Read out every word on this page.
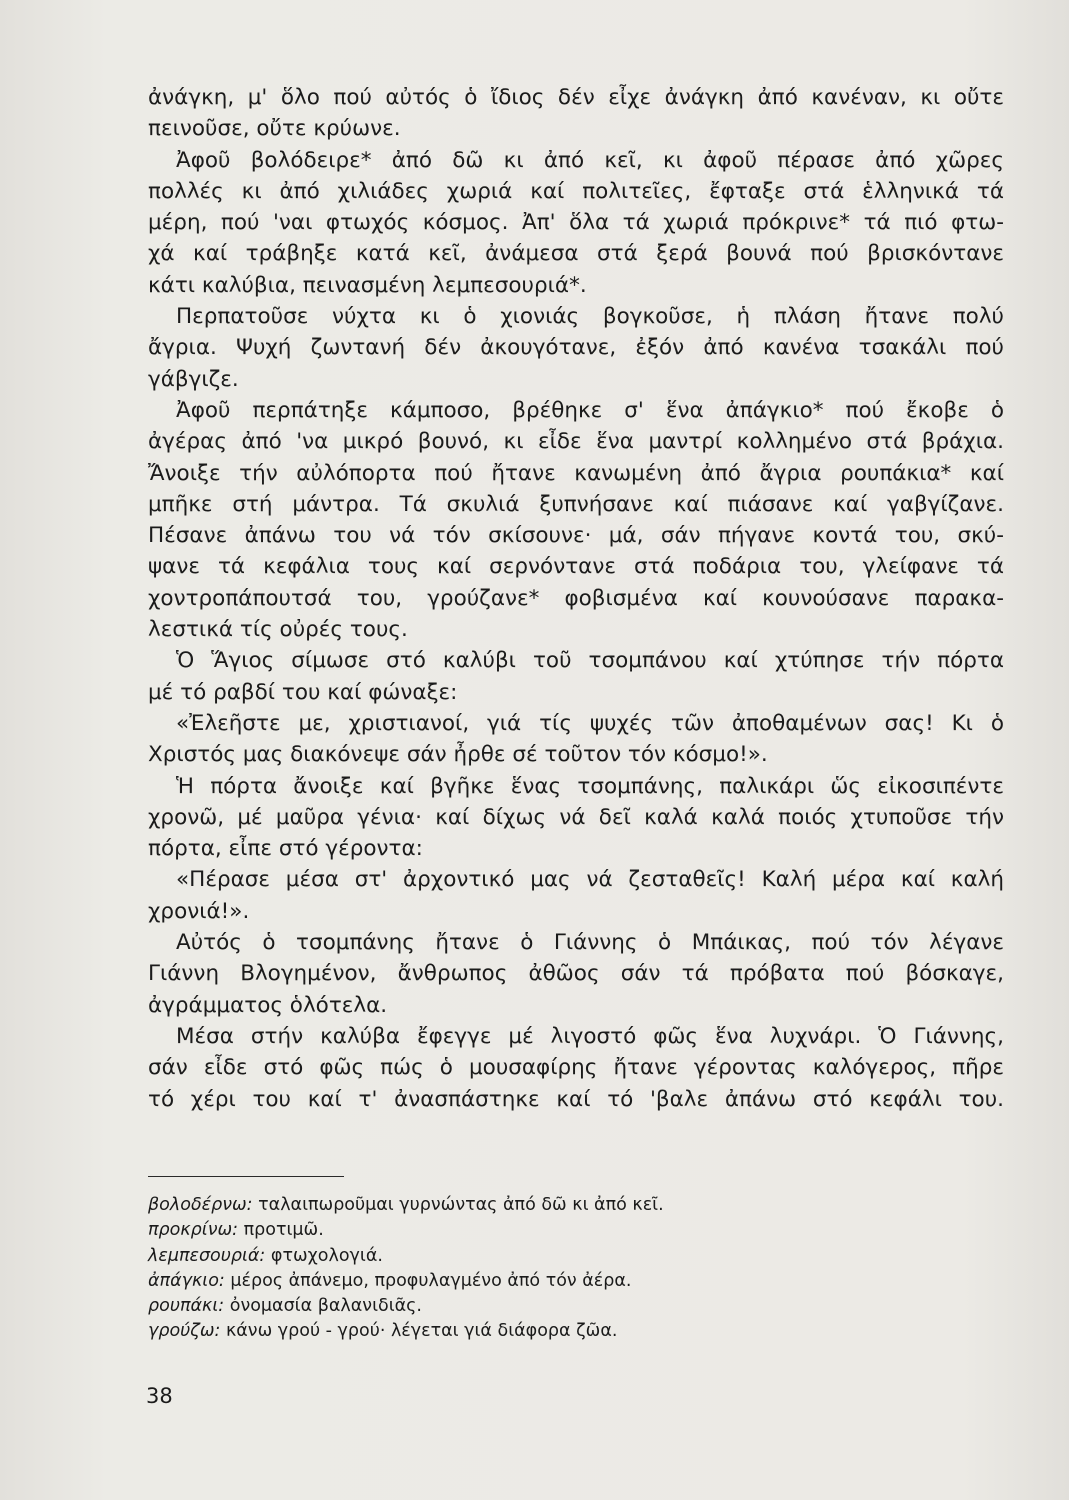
ἀνάγκη, μ' ὅλο πού αὐτός ὁ ἴδιος δέν εἶχε ἀνάγκη ἀπό κανέναν, κι οὔτε
πεινοῦσε, οὔτε κρύωνε.
Ἀφοῦ βολόδειρε* ἀπό δῶ κι ἀπό κεῖ, κι ἀφοῦ πέρασε ἀπό χῶρες
πολλές κι ἀπό χιλιάδες χωριά καί πολιτεῖες, ἔφταξε στά ἑλληνικά τά
μέρη, πού 'ναι φτωχός κόσμος. Ἀπ' ὅλα τά χωριά πρόκρινε* τά πιό φτω-
χά καί τράβηξε κατά κεῖ, ἀνάμεσα στά ξερά βουνά πού βρισκόντανε
κάτι καλύβια, πεινασμένη λεμπεσουριά*.
Περπατοῦσε νύχτα κι ὁ χιονιάς βογκοῦσε, ἡ πλάση ἤτανε πολύ
ἄγρια. Ψυχή ζωντανή δέν ἀκουγότανε, ἐξόν ἀπό κανένα τσακάλι πού
γάβγιζε.
Ἀφοῦ περπάτηξε κάμποσο, βρέθηκε σ' ἕνα ἀπάγκιο* πού ἔκοβε ὁ
ἀγέρας ἀπό 'να μικρό βουνό, κι εἶδε ἕνα μαντρί κολλημένο στά βράχια.
Ἄνοιξε τήν αὐλόπορτα πού ἤτανε κανωμένη ἀπό ἄγρια ρουπάκια* καί
μπῆκε στή μάντρα. Τά σκυλιά ξυπνήσανε καί πιάσανε καί γαβγίζανε.
Πέσανε ἀπάνω του νά τόν σκίσουνε· μά, σάν πήγανε κοντά του, σκύ-
ψανε τά κεφάλια τους καί σερνόντανε στά ποδάρια του, γλείφανε τά
χοντροπάπουτσά του, γρούζανε* φοβισμένα καί κουνούσανε παρακα-
λεστικά τίς οὐρές τους.
Ὁ Ἅγιος σίμωσε στό καλύβι τοῦ τσομπάνου καί χτύπησε τήν πόρτα
μέ τό ραβδί του καί φώναξε:
«Ἐλεῆστε με, χριστιανοί, γιά τίς ψυχές τῶν ἀποθαμένων σας! Κι ὁ
Χριστός μας διακόνεψε σάν ἦρθε σέ τοῦτον τόν κόσμο!».
Ἡ πόρτα ἄνοιξε καί βγῆκε ἕνας τσομπάνης, παλικάρι ὥς εἰκοσιπέντε
χρονῶ, μέ μαῦρα γένια· καί δίχως νά δεῖ καλά καλά ποιός χτυποῦσε τήν
πόρτα, εἶπε στό γέροντα:
«Πέρασε μέσα στ' ἀρχοντικό μας νά ζεσταθεῖς! Καλή μέρα καί καλή
χρονιά!».
Αὐτός ὁ τσομπάνης ἤτανε ὁ Γιάννης ὁ Μπάικας, πού τόν λέγανε
Γιάννη Βλογημένον, ἄνθρωπος ἀθῶος σάν τά πρόβατα πού βόσκαγε,
ἀγράμματος ὁλότελα.
Μέσα στήν καλύβα ἔφεγγε μέ λιγοστό φῶς ἕνα λυχνάρι. Ὁ Γιάννης,
σάν εἶδε στό φῶς πώς ὁ μουσαφίρης ἤτανε γέροντας καλόγερος, πῆρε
τό χέρι του καί τ' ἀνασπάστηκε καί τό 'βαλε ἀπάνω στό κεφάλι του.
βολοδέρνω: ταλαιπωροῦμαι γυρνώντας ἀπό δῶ κι ἀπό κεῖ.
προκρίνω: προτιμῶ.
λεμπεσουριά: φτωχολογιά.
ἀπάγκιο: μέρος ἀπάνεμο, προφυλαγμένο ἀπό τόν ἀέρα.
ρουπάκι: ὀνομασία βαλανιδιᾶς.
γρούζω: κάνω γρού - γρού· λέγεται γιά διάφορα ζῶα.
38
